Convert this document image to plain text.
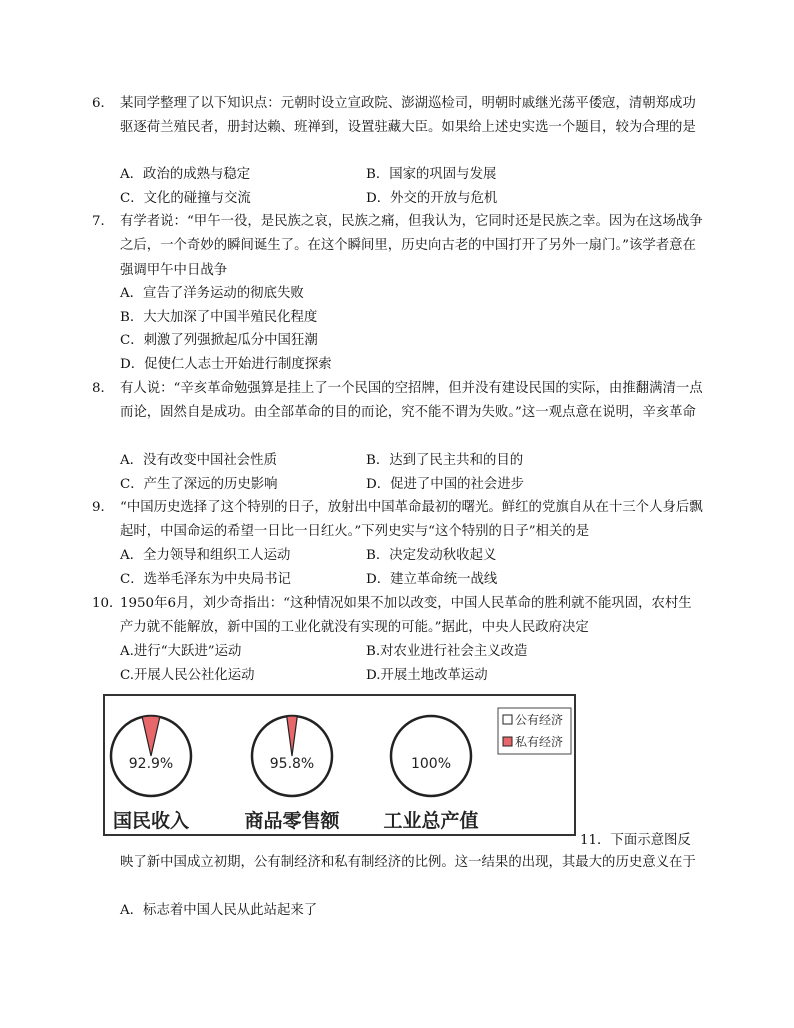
6． 某同学整理了以下知识点：元朝时设立宣政院、澎湖巡检司，明朝时戚继光荡平倭寇，清朝郑成功驱逐荷兰殖民者，册封达赖、班禅到，设置驻藏大臣。如果给上述史实选一个题目，较为合理的是
A．政治的成熟与稳定	B．国家的巩固与发展
C．文化的碰撞与交流	D．外交的开放与危机
7． 有学者说：“甲午一役，是民族之哀，民族之痛，但我认为，它同时还是民族之幸。因为在这场战争之后，一个奇妙的瞬间诞生了。在这个瞬间里，历史向古老的中国打开了另外一扇门。”该学者意在强调甲午中日战争
A．宣告了洋务运动的彻底失败
B．大大加深了中国半殖民化程度
C．刺激了列强掀起瓜分中国狂潮
D．促使仁人志士开始进行制度探索
8． 有人说：“辛亥革命勉强算是挂上了一个民国的空招牌，但并没有建设民国的实际，由推翻满清一点而论，固然自是成功。由全部革命的目的而论，究不能不谓为失败。”这一观点意在说明，辛亥革命
A．没有改变中国社会性质	B．达到了民主共和的目的
C．产生了深远的历史影响	D．促进了中国的社会进步
9． “中国历史选择了这个特别的日子，放射出中国革命最初的曙光。鲜红的党旗自从在十三个人身后飘起时，中国命运的希望一日比一日红火。”下列史实与“这个特别的日子”相关的是
A．全力领导和组织工人运动	B．决定发动秋收起义
C．选举毛泽东为中央局书记	D．建立革命统一战线
10．
1950年6月，刘少奇指出：“这种情况如果不加以改变，中国人民革命的胜利就不能巩固，农村生产力就不能解放，新中国的工业化就没有实现的可能。”据此，中央人民政府决定
A.进行“大跃进”运动	B.对农业进行社会主义改造
C.开展人民公社化运动	D.开展土地改革运动
92.9%
国民收入
95.8%
商品零售额
100%
工业总产值
公有经济
私有经济
11．下面示意图反
映了新中国成立初期，公有制经济和私有制经济的比例。这一结果的出现，其最大的历史意义在于
A．标志着中国人民从此站起来了
